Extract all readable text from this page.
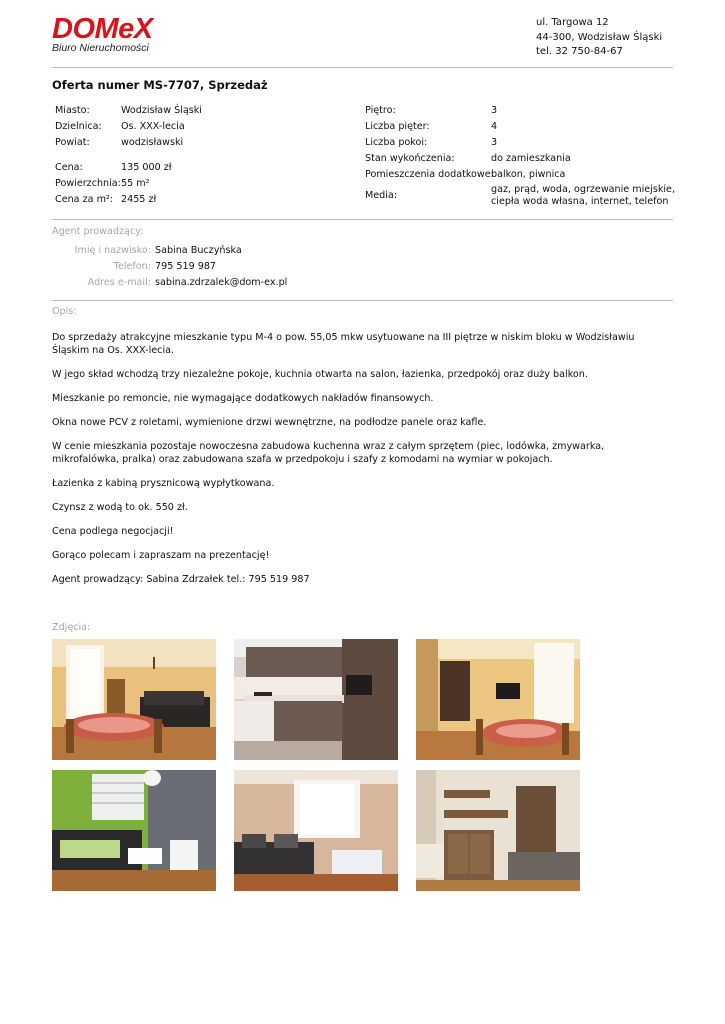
DOMeX
Biuro Nieruchomości
ul. Targowa 12
44-300, Wodzisław Śląski
tel. 32 750-84-67
Oferta numer MS-7707, Sprzedaż
Miasto:	Wodzisław Śląski
Dzielnica: Os. XXX-lecia
Powiat:	wodzisławski
Cena:	135 000 zł
Powierzchnia: 55 m²
Cena za m²: 2455 zł
Piętro:	3
Liczba pięter:	4
Liczba pokoi:	3
Stan wykończenia:	do zamieszkania
Pomieszczenia dodatkowe:
balkon, piwnica
Media:
gaz, prąd, woda, ogrzewanie miejskie,
ciepła woda własna, internet, telefon
Agent prowadzący:
Imię i nazwisko: Sabina Buczyńska
Telefon: 795 519 987
Adres e-mail: sabina.zdrzalek@dom-ex.pl
Opis:

Do sprzedaży atrakcyjne mieszkanie typu M-4 o pow. 55,05 mkw usytuowane na III piętrze w niskim bloku w Wodzisławiu Śląskim na Os. XXX-lecia.

W jego skład wchodzą trzy niezależne pokoje, kuchnia otwarta na salon, łazienka, przedpokój oraz duży balkon.

Mieszkanie po remoncie, nie wymagające dodatkowych nakładów finansowych.

Okna nowe PCV z roletami, wymienione drzwi wewnętrzne, na podłodze panele oraz kafle.

W cenie mieszkania pozostaje nowoczesna zabudowa kuchenna wraz z całym sprzętem (piec, lodówka, zmywarka, mikrofalówka, pralka) oraz zabudowana szafa w przedpokoju i szafy z komodami na wymiar w pokojach.

Łazienka z kabiną prysznicową wypłytkowana.

Czynsz z wodą to ok. 550 zł.

Cena podlega negocjacji!

Gorąco polecam i zapraszam na prezentację!

Agent prowadzący: Sabina Zdrzałek tel.: 795 519 987

Zdjęcia:
